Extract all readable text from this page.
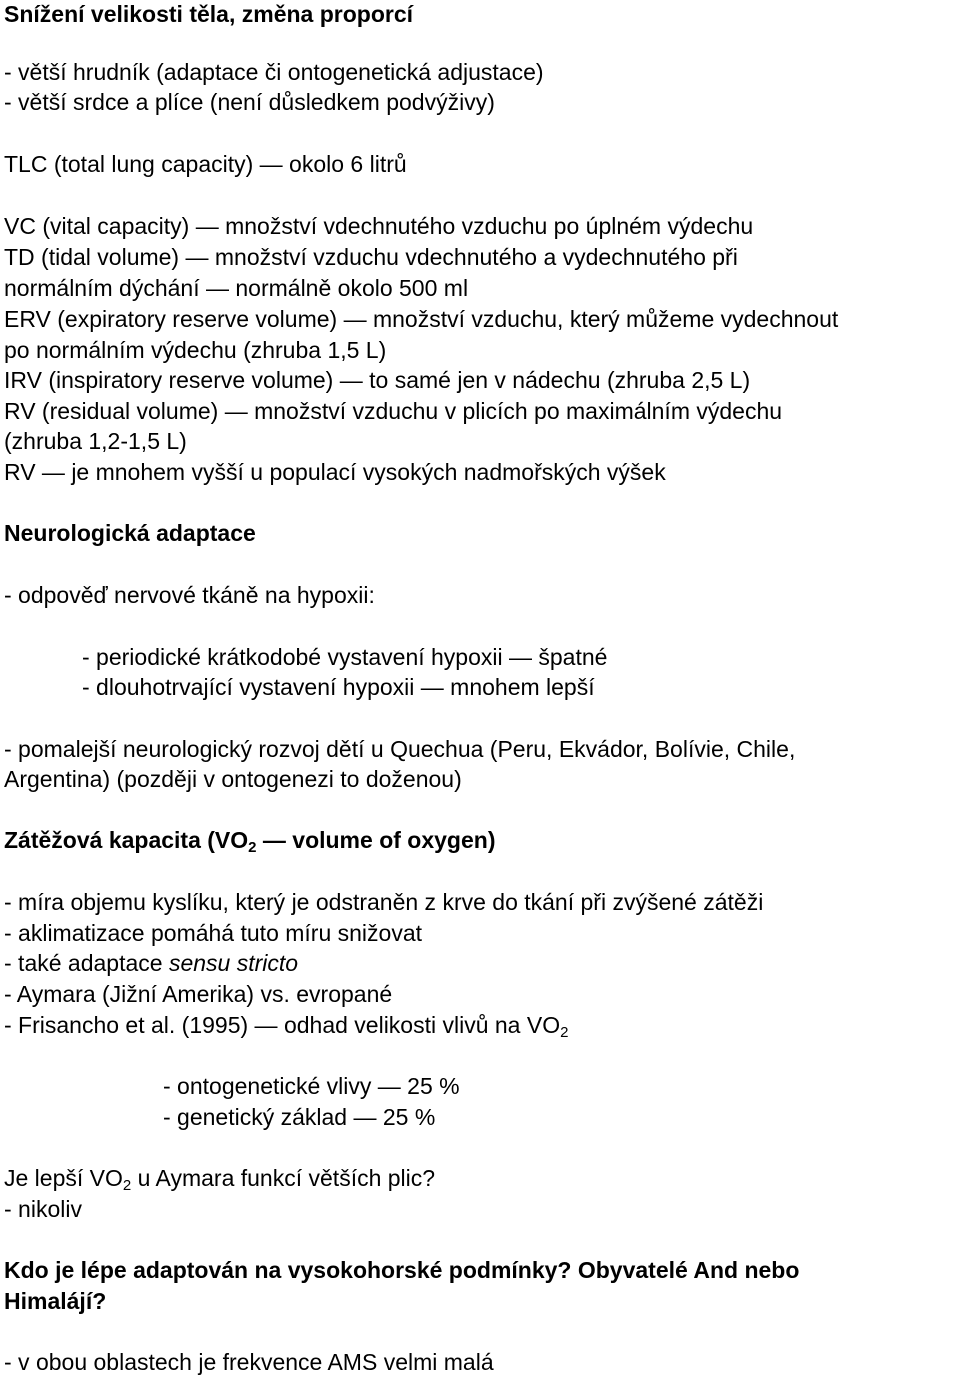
Snížení velikosti těla, změna proporcí
- větší hrudník (adaptace či ontogenetická adjustace)
- větší srdce a plíce (není důsledkem podvýživy)
TLC (total lung capacity) — okolo 6 litrů
VC (vital capacity) — množství vdechnutého vzduchu po úplném výdechu
TD (tidal volume) — množství vzduchu vdechnutého a vydechnutého při
normálním dýchání — normálně okolo 500 ml
ERV (expiratory reserve volume) — množství vzduchu, který můžeme vydechnout
po normálním výdechu (zhruba 1,5 L)
IRV (inspiratory reserve volume) — to samé jen v nádechu (zhruba 2,5 L)
RV (residual volume) — množství vzduchu v plicích po maximálním výdechu
(zhruba 1,2-1,5 L)
RV — je mnohem vyšší u populací vysokých nadmořských výšek
Neurologická adaptace
- odpověď nervové tkáně na hypoxii:
- periodické krátkodobé vystavení hypoxii — špatné
- dlouhotrvající vystavení hypoxii — mnohem lepší
- pomalejší neurologický rozvoj dětí u Quechua (Peru, Ekvádor, Bolívie, Chile,
Argentina) (později v ontogenezi to doženou)
Zátěžová kapacita ($VO_2$ — volume of oxygen)
- míra objemu kyslíku, který je odstraněn z krve do tkání při zvýšené zátěži
- aklimatizace pomáhá tuto míru snižovat
- také adaptace sensu stricto
- Aymara (Jižní Amerika) vs. evropané
- Frisancho et al. (1995) — odhad velikosti vlivů na $VO_2$
- ontogenetické vlivy — 25 %
- genetický základ — 25 %
Je lepší $VO_2$ u Aymara funkcí větších plic?
- nikoliv
Kdo je lépe adaptován na vysokohorské podmínky? Obyvatelé And nebo
Himalájí?
- v obou oblastech je frekvence AMS velmi malá
